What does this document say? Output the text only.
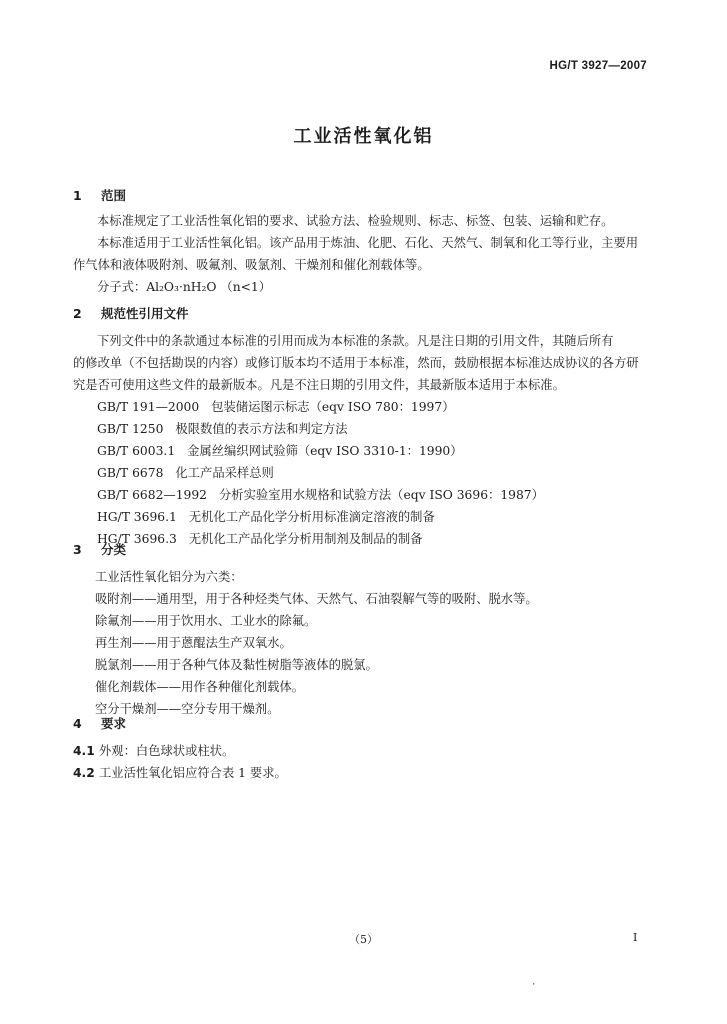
HG/T 3927—2007
工业活性氧化铝
1 范围
本标准规定了工业活性氧化铝的要求、试验方法、检验规则、标志、标签、包装、运输和贮存。
本标准适用于工业活性氧化铝。该产品用于炼油、化肥、石化、天然气、制氧和化工等行业，主要用
作气体和液体吸附剂、吸氟剂、吸氯剂、干燥剂和催化剂载体等。
分子式：Al₂O₃·nH₂O （n<1）
2 规范性引用文件
下列文件中的条款通过本标准的引用而成为本标准的条款。凡是注日期的引用文件，其随后所有
的修改单（不包括勘误的内容）或修订版本均不适用于本标准，然而，鼓励根据本标准达成协议的各方研
究是否可使用这些文件的最新版本。凡是不注日期的引用文件，其最新版本适用于本标准。
GB/T 191—2000 包装储运图示标志（eqv ISO 780：1997）
GB/T 1250 极限数值的表示方法和判定方法
GB/T 6003.1 金属丝编织网试验筛（eqv ISO 3310-1：1990）
GB/T 6678 化工产品采样总则
GB/T 6682—1992 分析实验室用水规格和试验方法（eqv ISO 3696：1987）
HG/T 3696.1 无机化工产品化学分析用标准滴定溶液的制备
HG/T 3696.3 无机化工产品化学分析用制剂及制品的制备
3 分类
工业活性氧化铝分为六类：
吸附剂——通用型，用于各种烃类气体、天然气、石油裂解气等的吸附、脱水等。
除氟剂——用于饮用水、工业水的除氟。
再生剂——用于蒽醌法生产双氧水。
脱氯剂——用于各种气体及黏性树脂等液体的脱氯。
催化剂载体——用作各种催化剂载体。
空分干燥剂——空分专用干燥剂。
4 要求
4.1 外观：白色球状或柱状。
4.2 工业活性氧化铝应符合表 1 要求。
（5）	I
˙
